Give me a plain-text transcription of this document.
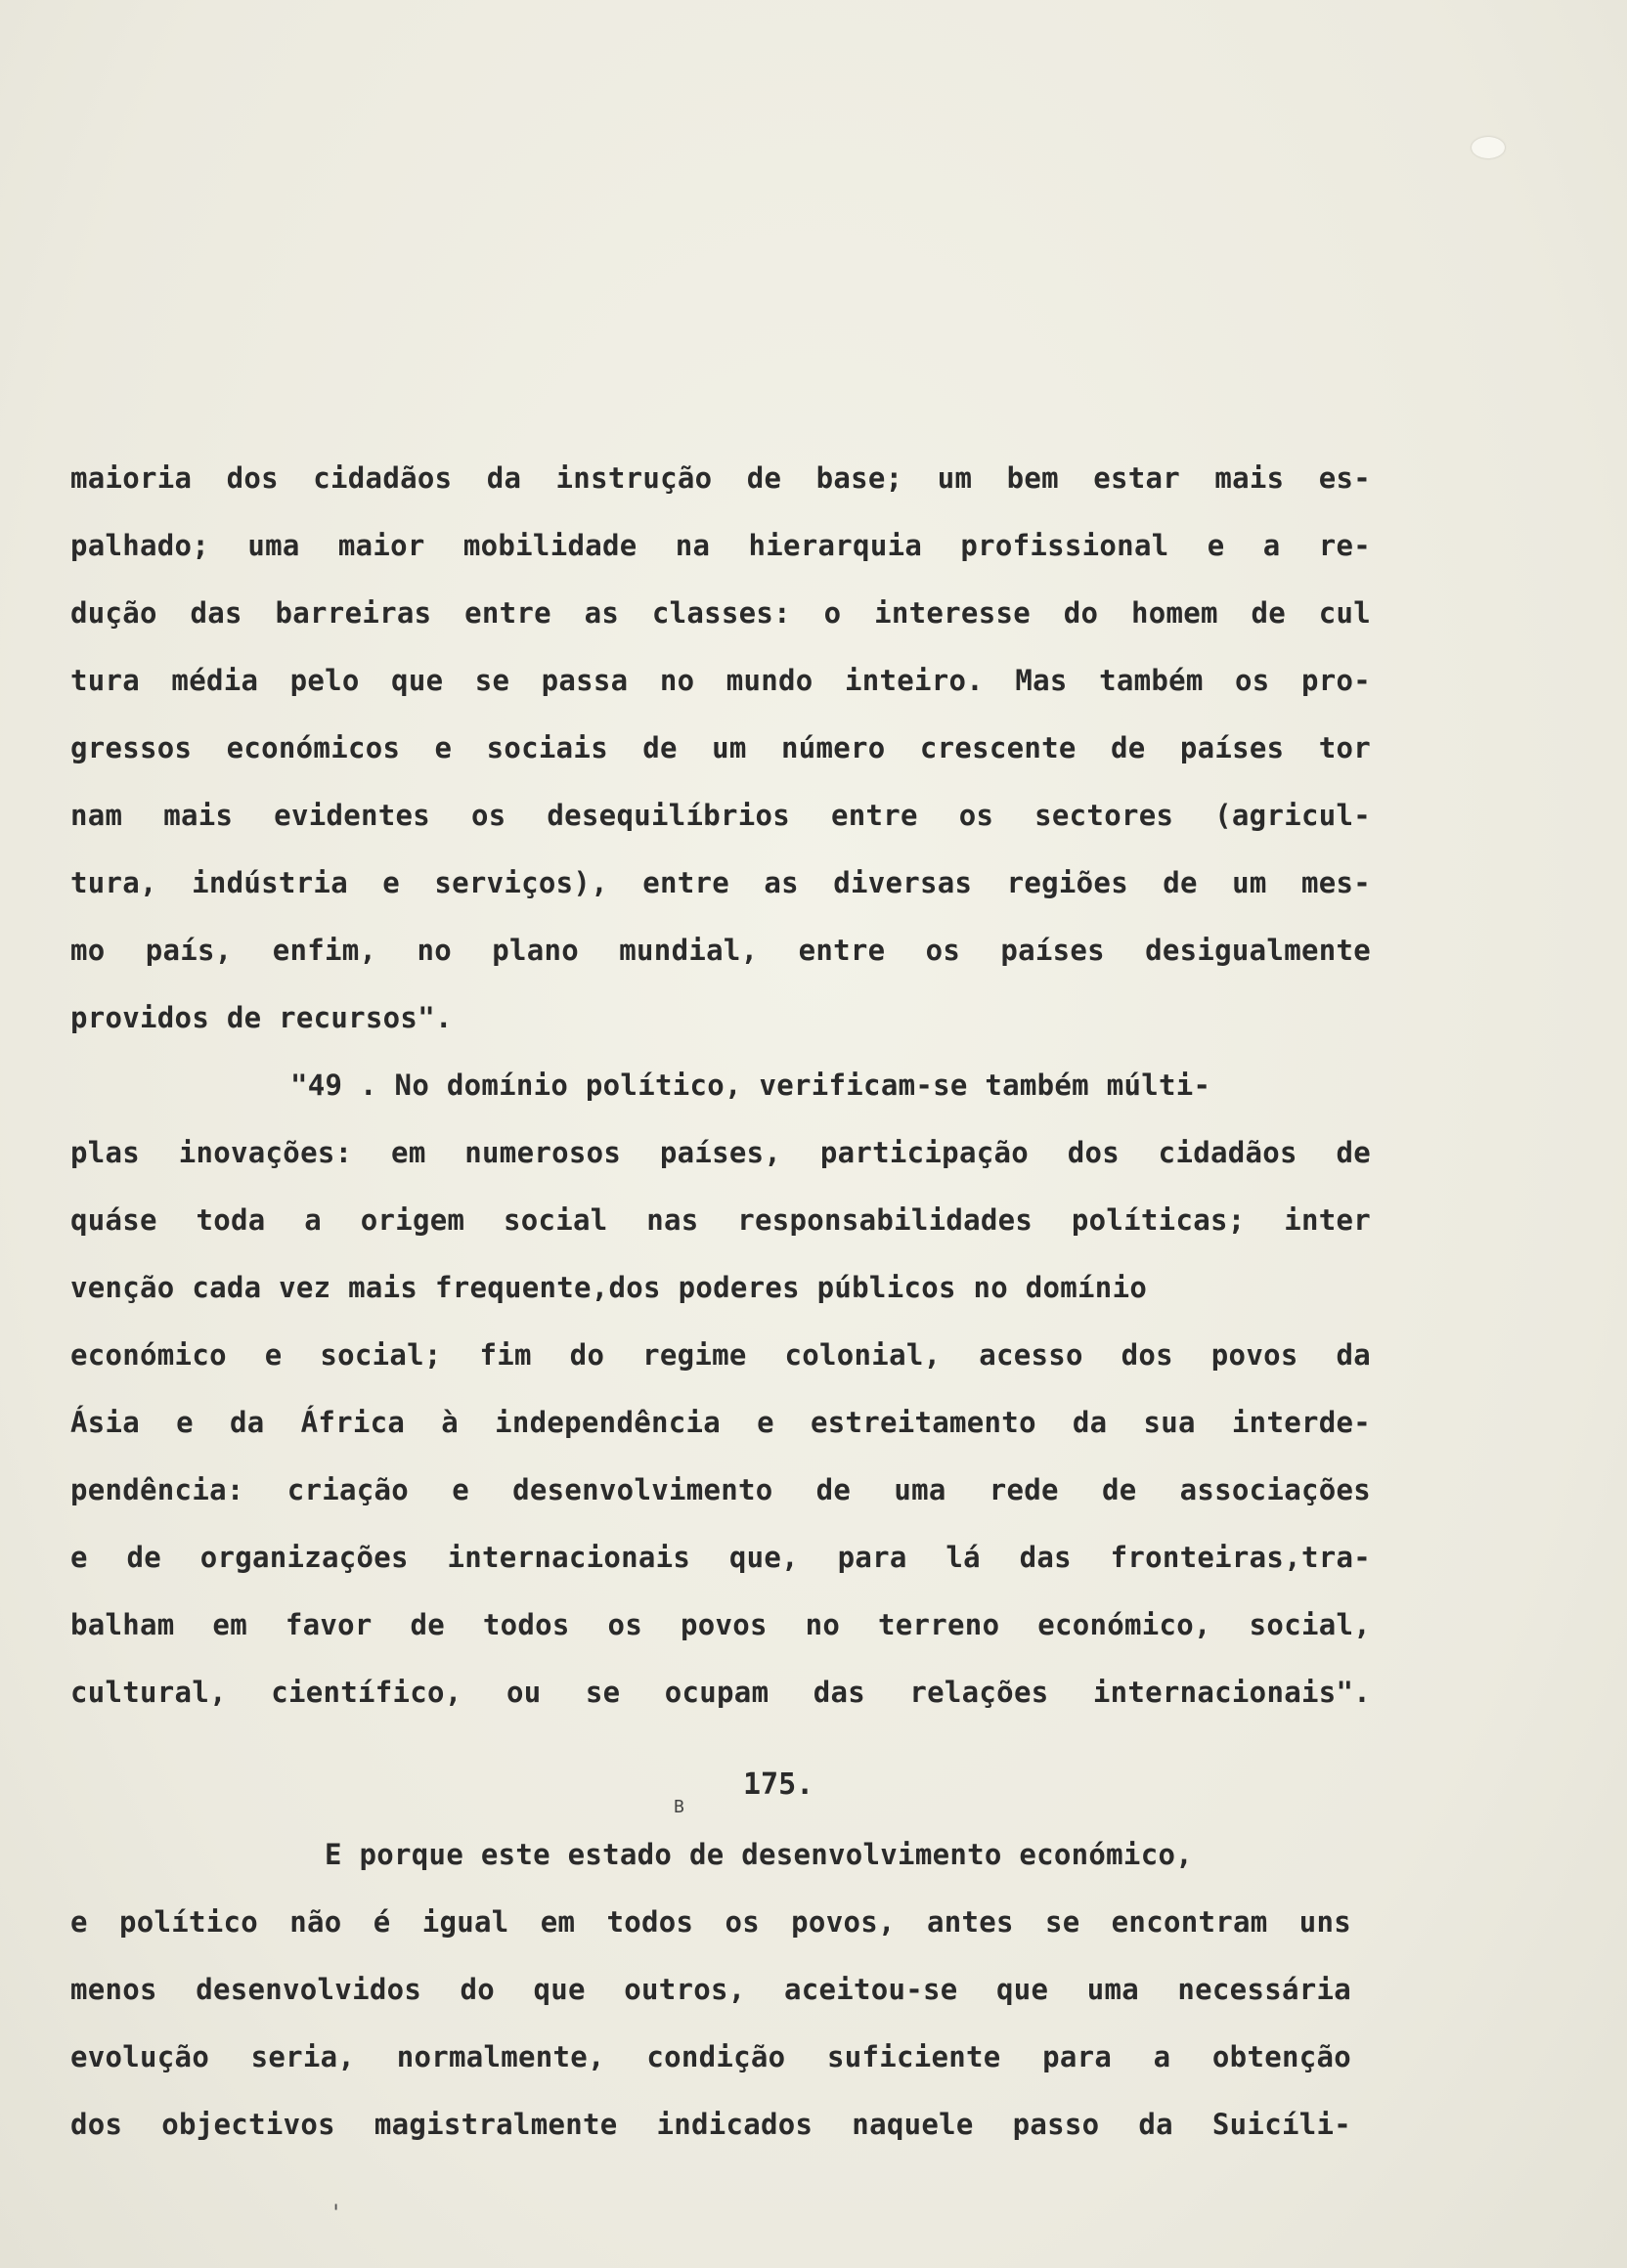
maioria dos cidadãos da instrução de base; um bem estar mais es-
palhado; uma maior mobilidade na hierarquia profissional e a re-
dução das barreiras entre as classes: o interesse do homem de cul
tura média pelo que se passa no mundo inteiro. Mas também os pro-
gressos económicos e sociais de um número crescente de países tor
nam mais evidentes os desequilíbrios entre os sectores (agricul-
tura, indústria e serviços), entre as diversas regiões de um mes-
mo país, enfim, no plano mundial, entre os países desigualmente
providos de recursos".
"49 . No domínio político, verificam-se também múlti-
plas inovações: em numerosos países, participação dos cidadãos de
quáse toda a origem social nas responsabilidades políticas; inter
venção cada vez mais frequente,dos poderes públicos no domínio
económico e social; fim do regime colonial, acesso dos povos da
Ásia e da África à independência e estreitamento da sua interde-
pendência: criação e desenvolvimento de uma rede de associações
e de organizações internacionais que, para lá das fronteiras,tra-
balham em favor de todos os povos no terreno económico, social,
cultural, científico, ou se ocupam das relações internacionais".
175.
B
E porque este estado de desenvolvimento económico,
e político não é igual em todos os povos, antes se encontram uns
menos desenvolvidos do que outros, aceitou-se que uma necessária
evolução seria, normalmente, condição suficiente para a obtenção
dos objectivos magistralmente indicados naquele passo da Suicíli-
'
